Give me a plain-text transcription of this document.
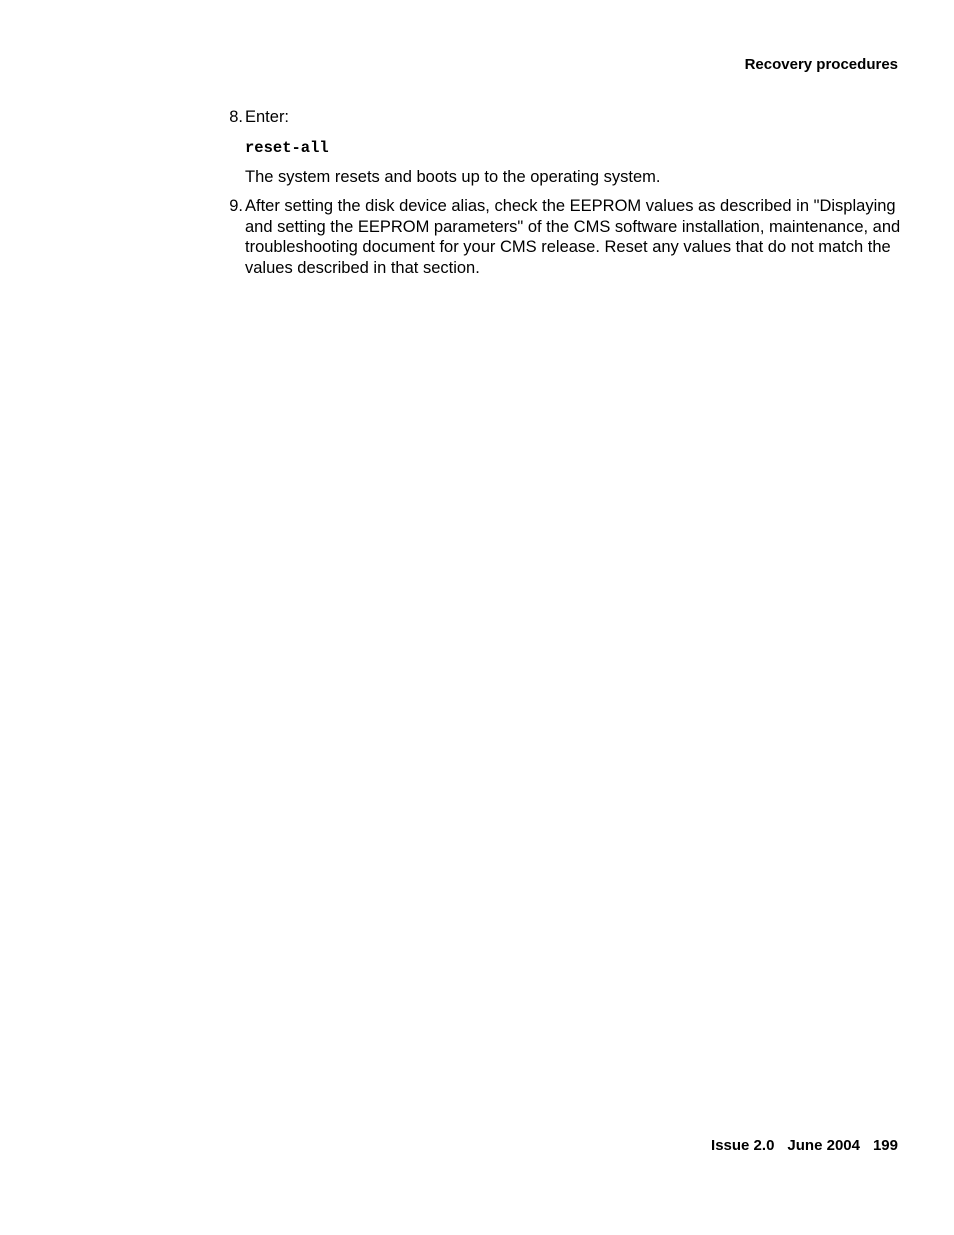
Recovery procedures
8. Enter:

reset-all

The system resets and boots up to the operating system.

9. After setting the disk device alias, check the EEPROM values as described in "Displaying and setting the EEPROM parameters" of the CMS software installation, maintenance, and troubleshooting document for your CMS release. Reset any values that do not match the values described in that section.

Issue 2.0 June 2004 199
